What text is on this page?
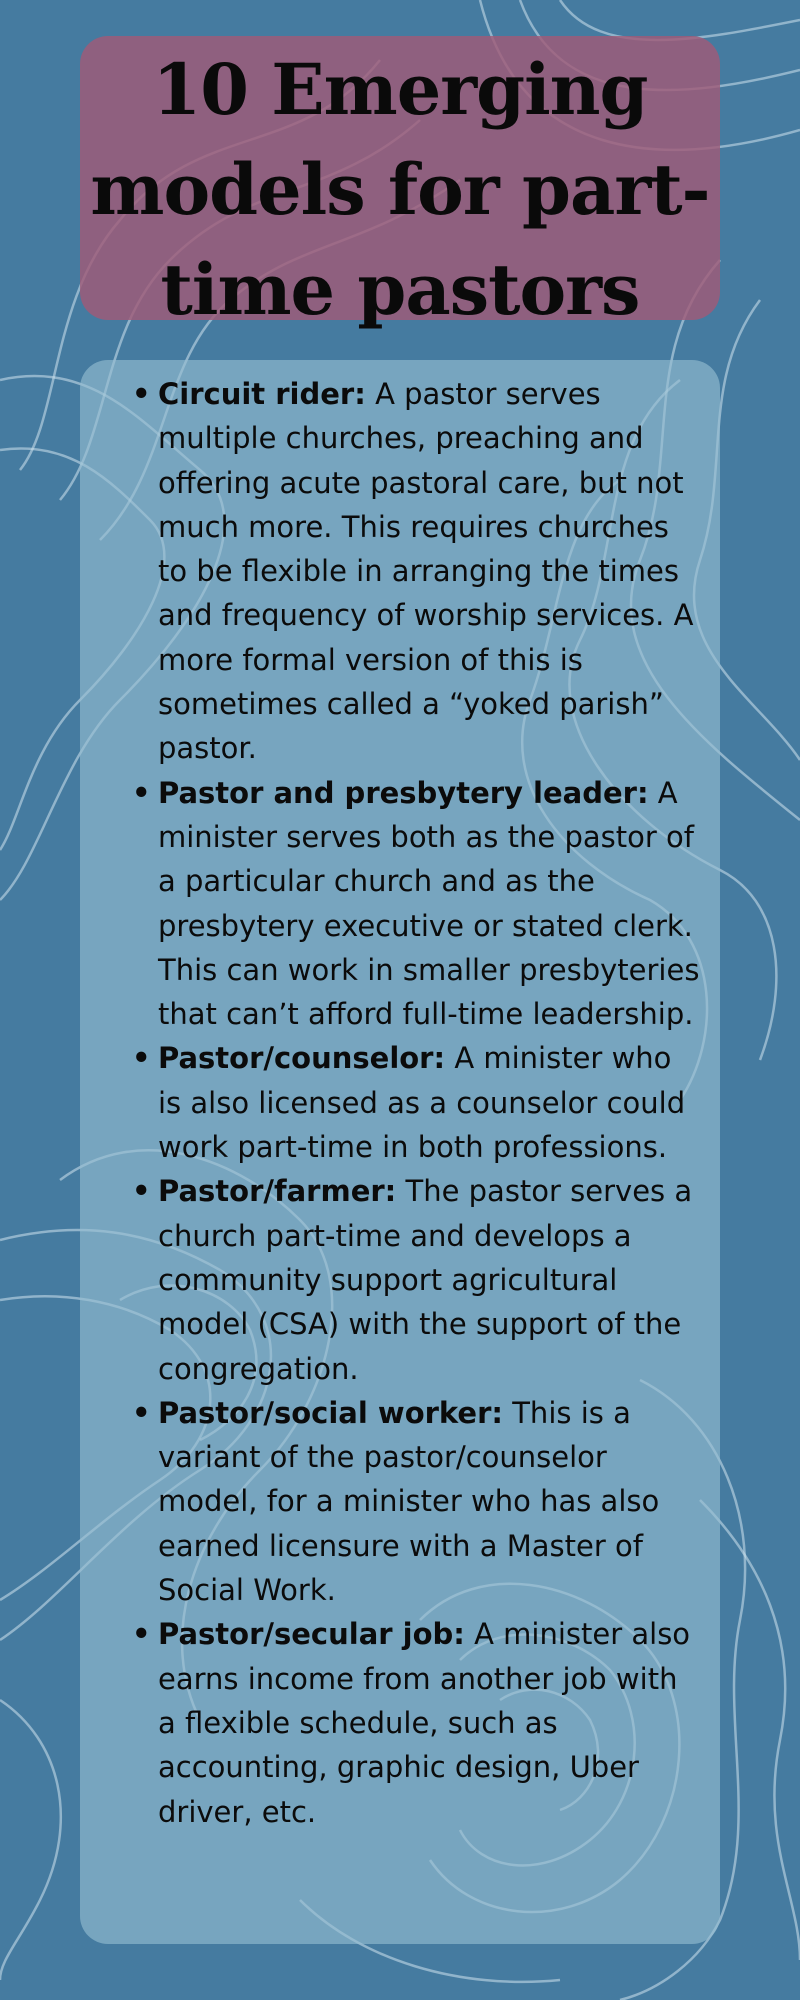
10 Emerging models for part-time pastors
• Circuit rider: A pastor serves multiple churches, preaching and offering acute pastoral care, but not much more. This requires churches to be flexible in arranging the times and frequency of worship services. A more formal version of this is sometimes called a “yoked parish” pastor.
• Pastor and presbytery leader: A minister serves both as the pastor of a particular church and as the presbytery executive or stated clerk. This can work in smaller presbyteries that can’t afford full-time leadership.
• Pastor/counselor: A minister who is also licensed as a counselor could work part-time in both professions.
• Pastor/farmer: The pastor serves a church part-time and develops a community support agricultural model (CSA) with the support of the congregation.
• Pastor/social worker: This is a variant of the pastor/counselor model, for a minister who has also earned licensure with a Master of Social Work.
• Pastor/secular job: A minister also earns income from another job with a flexible schedule, such as accounting, graphic design, Uber driver, etc.
